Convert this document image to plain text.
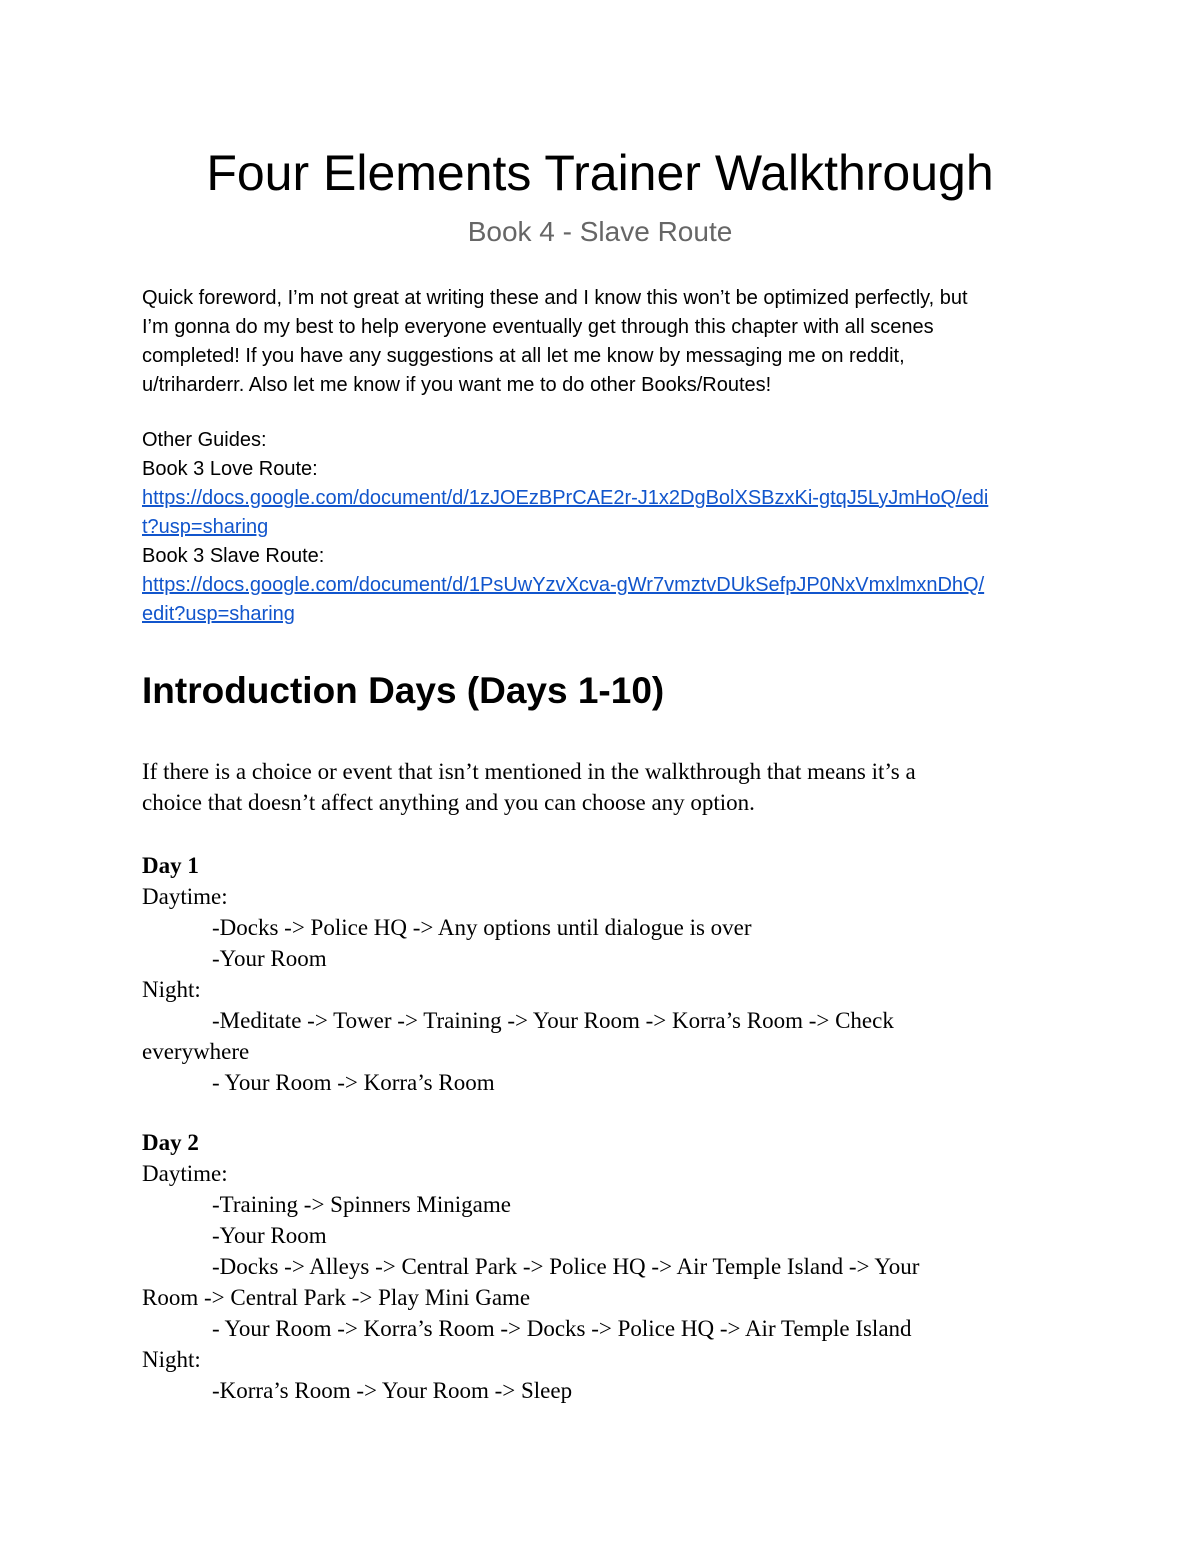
Four Elements Trainer Walkthrough
Book 4 - Slave Route

Quick foreword, I’m not great at writing these and I know this won’t be optimized perfectly, but

I’m gonna do my best to help everyone eventually get through this chapter with all scenes

completed! If you have any suggestions at all let me know by messaging me on reddit,

u/triharderr. Also let me know if you want me to do other Books/Routes!

Other Guides:

Book 3 Love Route:

https://docs.google.com/document/d/1zJOEzBPrCAE2r-J1x2DgBolXSBzxKi-gtqJ5LyJmHoQ/edi

t?usp=sharing

Book 3 Slave Route:

https://docs.google.com/document/d/1PsUwYzvXcva-gWr7vmztvDUkSefpJP0NxVmxlmxnDhQ/

edit?usp=sharing

Introduction Days (Days 1-10)

If there is a choice or event that isn’t mentioned in the walkthrough that means it’s a

choice that doesn’t affect anything and you can choose any option.

Day 1

Daytime:

-Docks -> Police HQ -> Any options until dialogue is over

-Your Room

Night:

-Meditate -> Tower -> Training -> Your Room -> Korra’s Room -> Check

everywhere

- Your Room -> Korra’s Room

Day 2

Daytime:

-Training -> Spinners Minigame

-Your Room

-Docks -> Alleys -> Central Park -> Police HQ -> Air Temple Island -> Your

Room -> Central Park -> Play Mini Game

- Your Room -> Korra’s Room -> Docks -> Police HQ -> Air Temple Island

Night:

-Korra’s Room -> Your Room -> Sleep
